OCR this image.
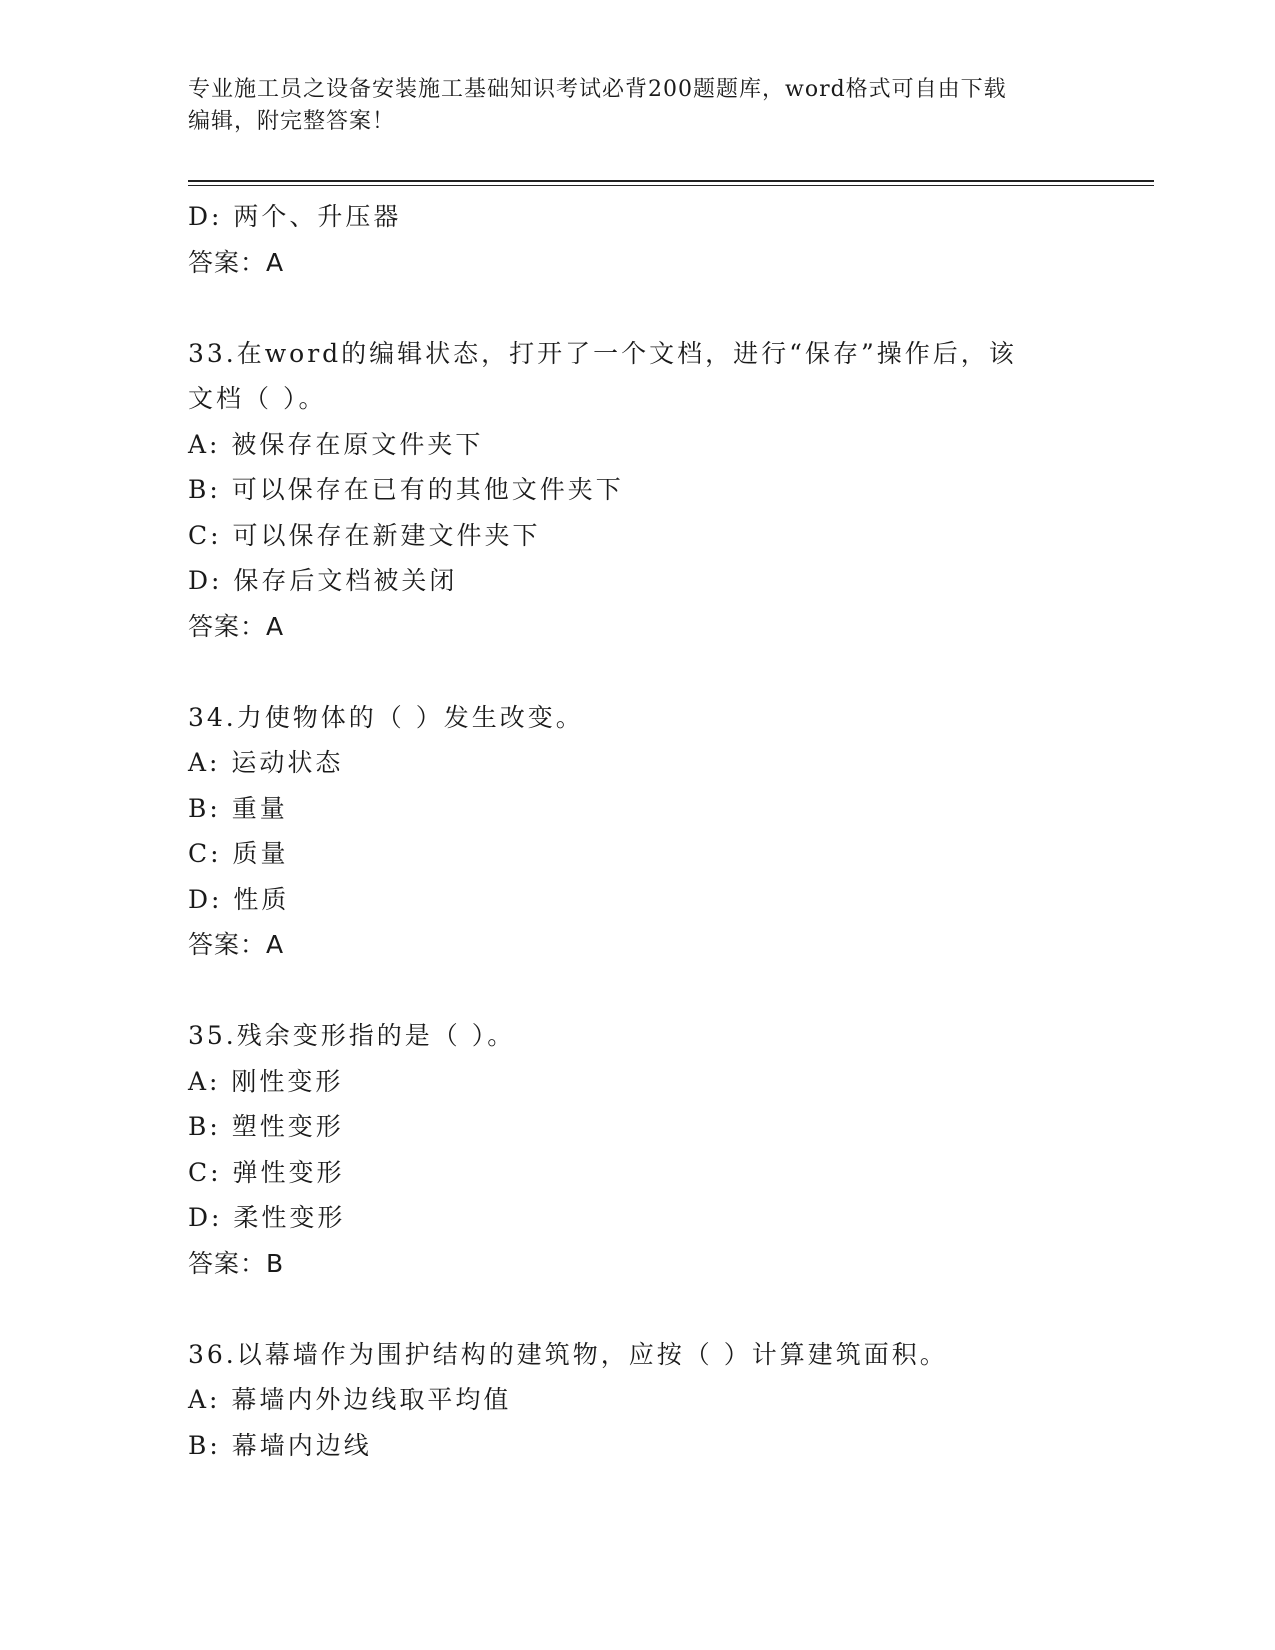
专业施工员之设备安装施工基础知识考试必背200题题库，word格式可自由下载
编辑，附完整答案！
D: 两个、升压器
答案：A
33.在word的编辑状态，打开了一个文档，进行“保存”操作后，该
文档（ ）。
A: 被保存在原文件夹下
B: 可以保存在已有的其他文件夹下
C: 可以保存在新建文件夹下
D: 保存后文档被关闭
答案：A
34.力使物体的（ ）发生改变。
A: 运动状态
B: 重量
C: 质量
D: 性质
答案：A
35.残余变形指的是（ ）。
A: 刚性变形
B: 塑性变形
C: 弹性变形
D: 柔性变形
答案：B
36.以幕墙作为围护结构的建筑物，应按（ ）计算建筑面积。
A: 幕墙内外边线取平均值
B: 幕墙内边线
